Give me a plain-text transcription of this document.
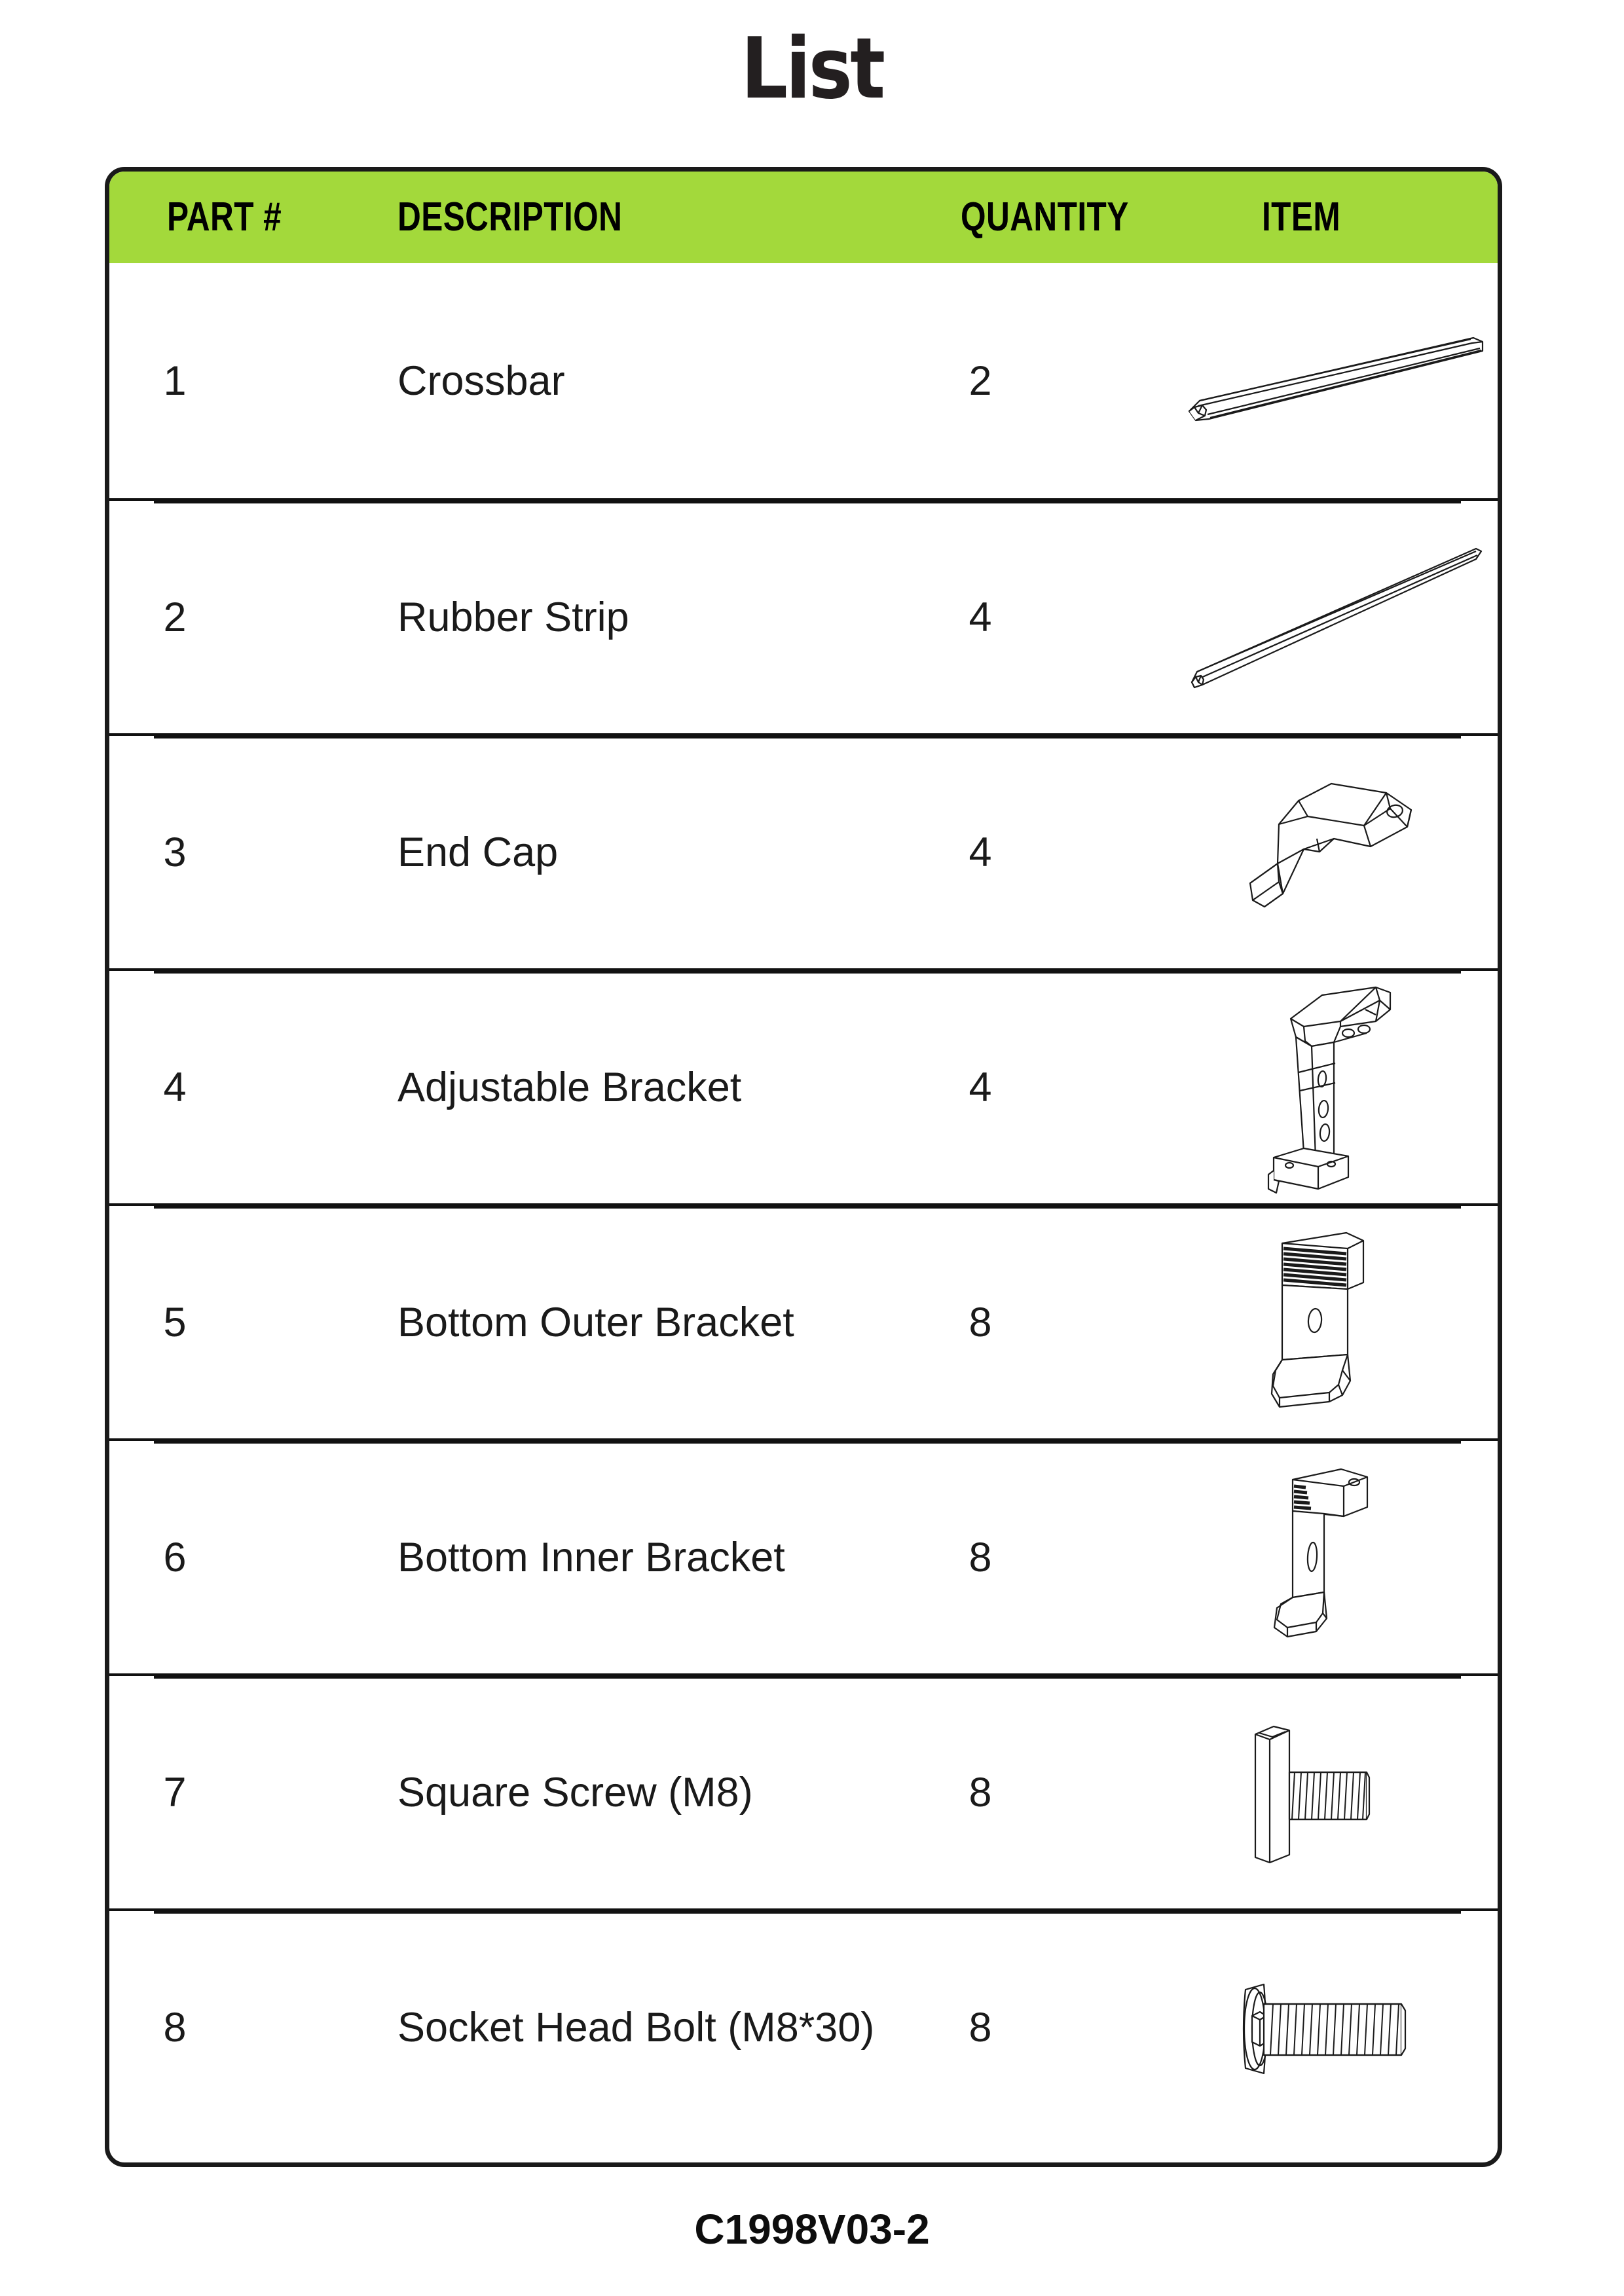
List
PART #	DESCRIPTION	QUANTITY	ITEM
1	Crossbar	2
2	Rubber Strip	4
3	End Cap	4
4	Adjustable Bracket	4
5	Bottom Outer Bracket	8
6	Bottom Inner Bracket	8
7	Square Screw (M8)	8
8	Socket Head Bolt (M8*30)	8
C1998V03-2
